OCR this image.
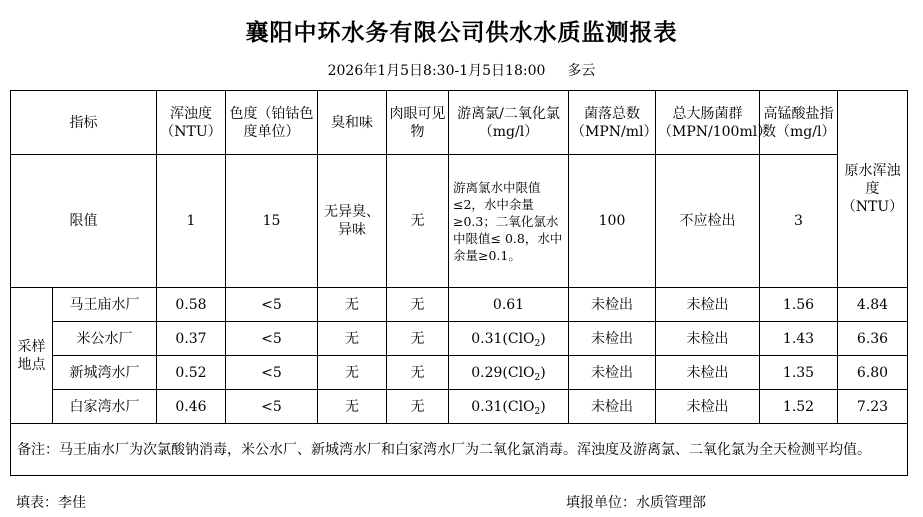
襄阳中环水务有限公司供水水质监测报表
2026年1月5日8:30-1月5日18:00 多云
指标		浑浊度（NTU）	色度（铂钴色度单位）	臭和味	肉眼可见物	游离氯/二氧化氯（mg/l）	菌落总数（MPN/ml）	总大肠菌群（MPN/100ml）	高锰酸盐指数（mg/l）	原水浑浊度（NTU）
限值		1	15	无异臭、异味	无	游离氯水中限值 ≤2，水中余量≥0.3；二氧化氯水中限值≤ 0.8，水中余量≥0.1。	100	不应检出	3	
采样地点	马王庙水厂	0.58	<5	无	无	0.61	未检出	未检出	1.56	4.84
	米公水厂	0.37	<5	无	无	0.31(ClO$_2$)	未检出	未检出	1.43	6.36
	新城湾水厂	0.52	<5	无	无	0.29(ClO$_2$)	未检出	未检出	1.35	6.80
	白家湾水厂	0.46	<5	无	无	0.31(ClO$_2$)	未检出	未检出	1.52	7.23
备注：马王庙水厂为次氯酸钠消毒，米公水厂、新城湾水厂和白家湾水厂为二氧化氯消毒。浑浊度及游离氯、二氧化氯为全天检测平均值。										
填表：李佳	填报单位：水质管理部
